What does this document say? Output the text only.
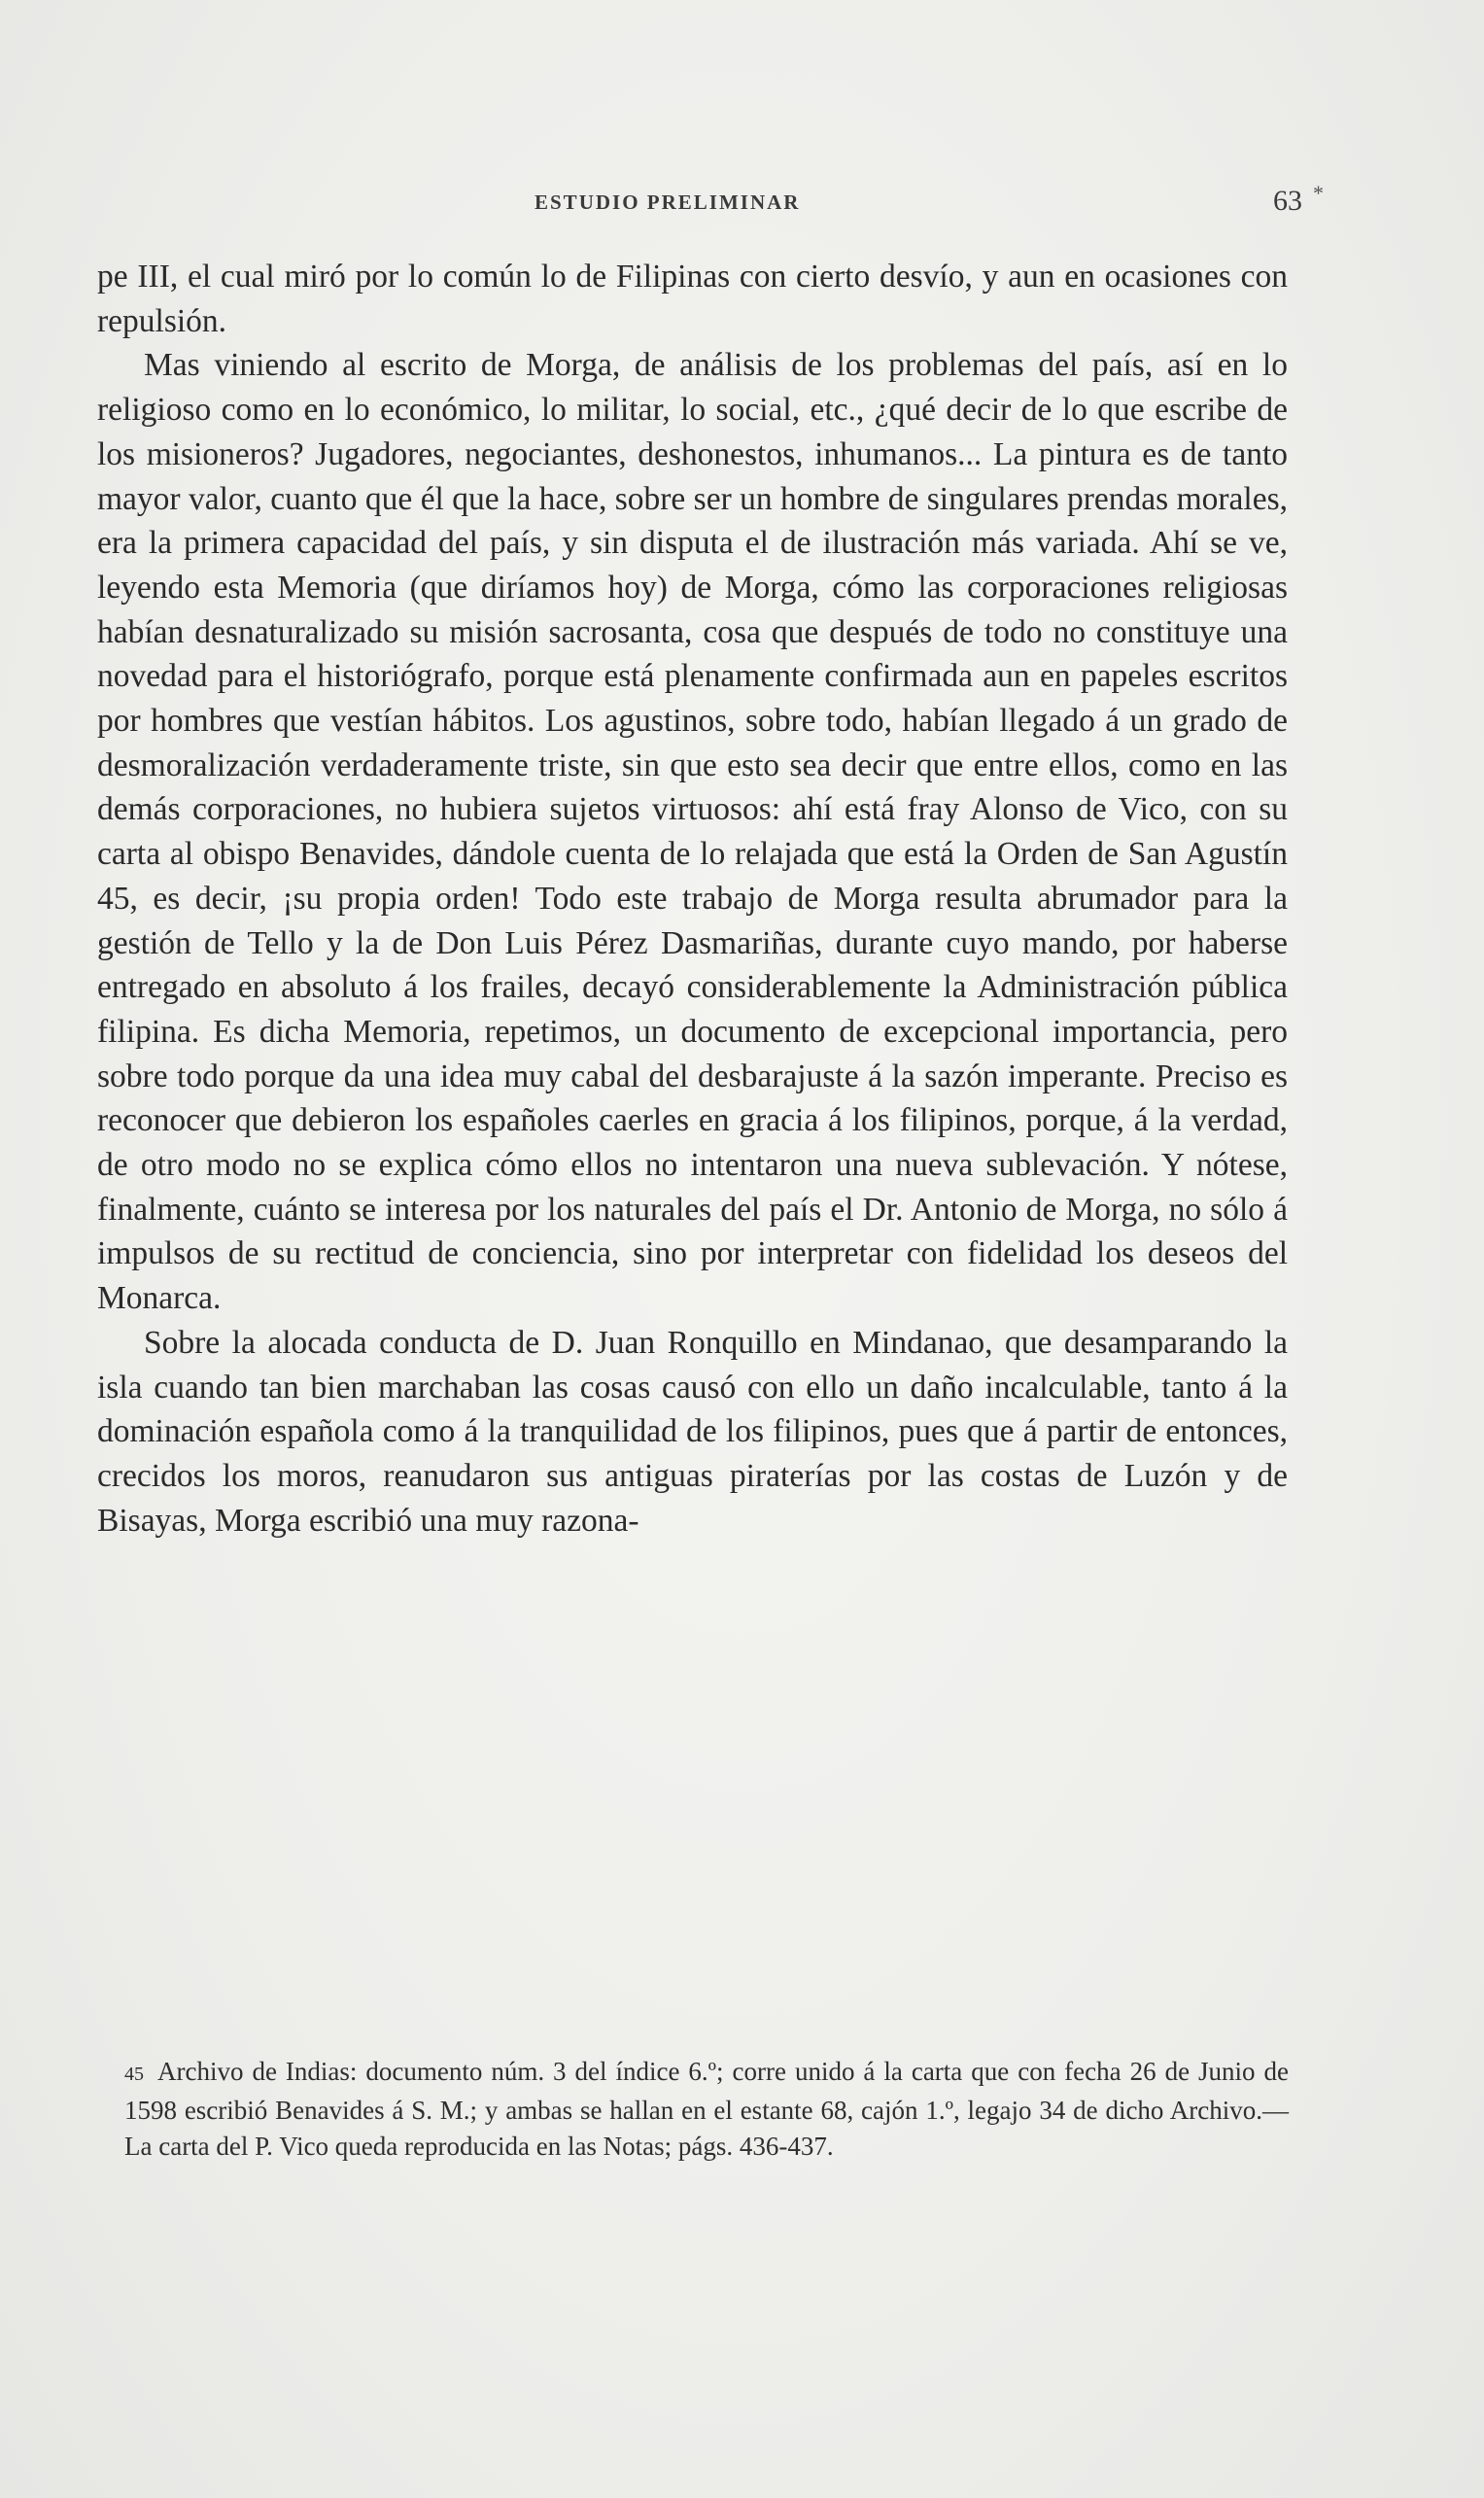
ESTUDIO PRELIMINAR	63 *

pe III, el cual miró por lo común lo de Filipinas con cierto desvío, y aun en ocasiones con repulsión.

Mas viniendo al escrito de Morga, de análisis de los problemas del país, así en lo religioso como en lo económico, lo militar, lo social, etc., ¿qué decir de lo que escribe de los misioneros? Jugadores, negociantes, deshonestos, inhumanos... La pintura es de tanto mayor valor, cuanto que él que la hace, sobre ser un hombre de singulares prendas morales, era la primera capacidad del país, y sin disputa el de ilustración más variada. Ahí se ve, leyendo esta Memoria (que diríamos hoy) de Morga, cómo las corporaciones religiosas habían desnaturalizado su misión sacrosanta, cosa que después de todo no constituye una novedad para el historiógrafo, porque está plenamente confirmada aun en papeles escritos por hombres que vestían hábitos. Los agustinos, sobre todo, habían llegado á un grado de desmoralización verdaderamente triste, sin que esto sea decir que entre ellos, como en las demás corporaciones, no hubiera sujetos virtuosos: ahí está fray Alonso de Vico, con su carta al obispo Benavides, dándole cuenta de lo relajada que está la Orden de San Agustín 45, es decir, ¡su propia orden! Todo este trabajo de Morga resulta abrumador para la gestión de Tello y la de Don Luis Pérez Dasmariñas, durante cuyo mando, por haberse entregado en absoluto á los frailes, decayó considerablemente la Administración pública filipina. Es dicha Memoria, repetimos, un documento de excepcional importancia, pero sobre todo porque da una idea muy cabal del desbarajuste á la sazón imperante. Preciso es reconocer que debieron los españoles caerles en gracia á los filipinos, porque, á la verdad, de otro modo no se explica cómo ellos no intentaron una nueva sublevación. Y nótese, finalmente, cuánto se interesa por los naturales del país el Dr. Antonio de Morga, no sólo á impulsos de su rectitud de conciencia, sino por interpretar con fidelidad los deseos del Monarca.

Sobre la alocada conducta de D. Juan Ronquillo en Mindanao, que desamparando la isla cuando tan bien marchaban las cosas causó con ello un daño incalculable, tanto á la dominación española como á la tranquilidad de los filipinos, pues que á partir de entonces, crecidos los moros, reanudaron sus antiguas piraterías por las costas de Luzón y de Bisayas, Morga escribió una muy razona-

45 Archivo de Indias: documento núm. 3 del índice 6.º; corre unido á la carta que con fecha 26 de Junio de 1598 escribió Benavides á S. M.; y ambas se hallan en el estante 68, cajón 1.º, legajo 34 de dicho Archivo.—La carta del P. Vico queda reproducida en las Notas; págs. 436-437.
